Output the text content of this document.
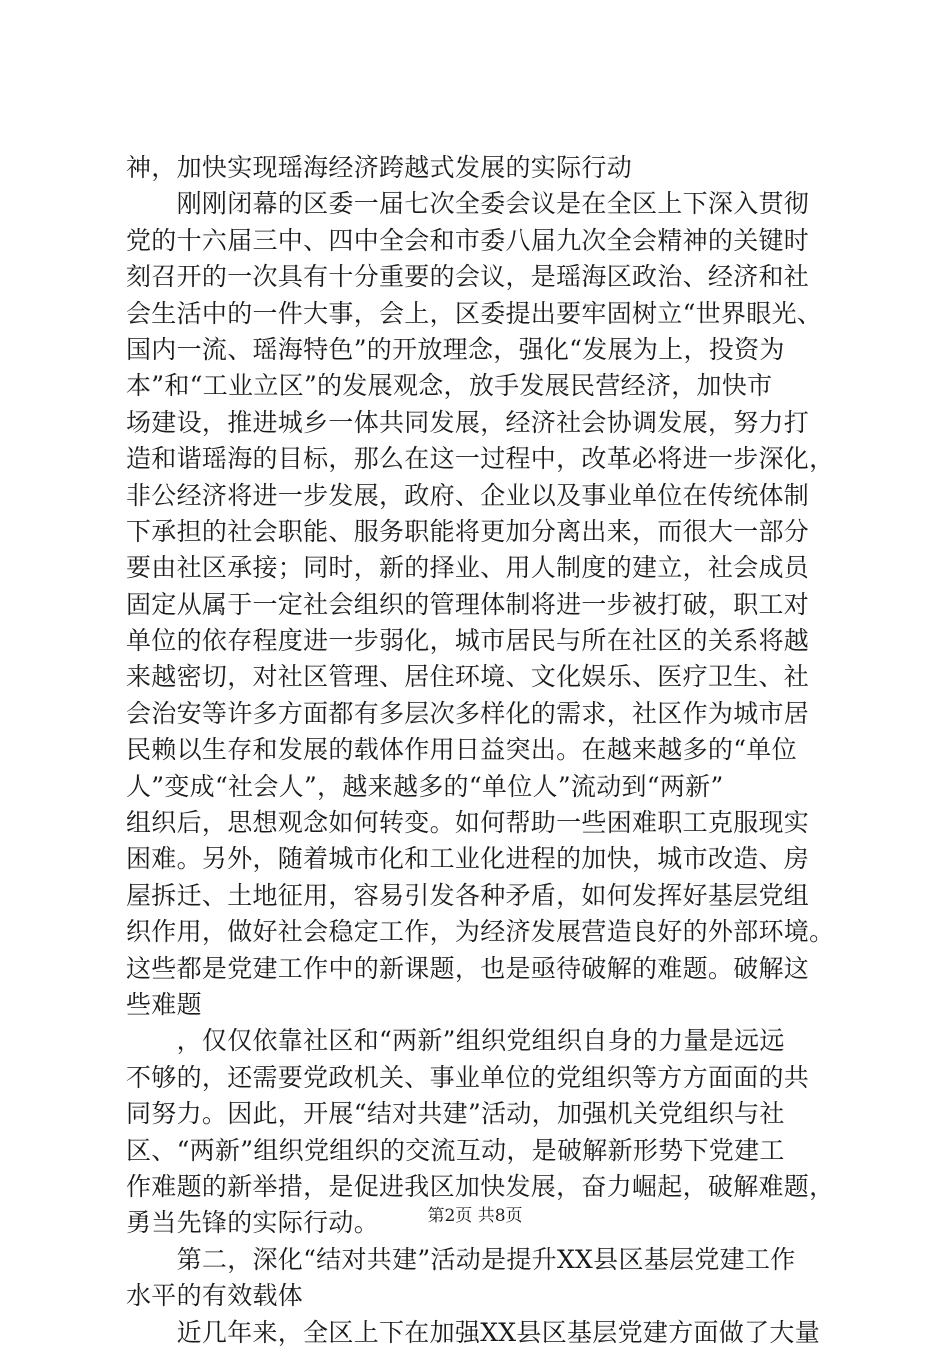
神，加快实现瑶海经济跨越式发展的实际行动
　　刚刚闭幕的区委一届七次全委会议是在全区上下深入贯彻
党的十六届三中、四中全会和市委八届九次全会精神的关键时
刻召开的一次具有十分重要的会议，是瑶海区政治、经济和社
会生活中的一件大事，会上，区委提出要牢固树立“世界眼光、
国内一流、瑶海特色”的开放理念，强化“发展为上，投资为
本”和“工业立区”的发展观念，放手发展民营经济，加快市
场建设，推进城乡一体共同发展，经济社会协调发展，努力打
造和谐瑶海的目标，那么在这一过程中，改革必将进一步深化，
非公经济将进一步发展，政府、企业以及事业单位在传统体制
下承担的社会职能、服务职能将更加分离出来，而很大一部分
要由社区承接；同时，新的择业、用人制度的建立，社会成员
固定从属于一定社会组织的管理体制将进一步被打破，职工对
单位的依存程度进一步弱化，城市居民与所在社区的关系将越
来越密切，对社区管理、居住环境、文化娱乐、医疗卫生、社
会治安等许多方面都有多层次多样化的需求，社区作为城市居
民赖以生存和发展的载体作用日益突出。在越来越多的“单位
人”变成“社会人”，越来越多的“单位人”流动到“两新”
组织后，思想观念如何转变。如何帮助一些困难职工克服现实
困难。另外，随着城市化和工业化进程的加快，城市改造、房
屋拆迁、土地征用，容易引发各种矛盾，如何发挥好基层党组
织作用，做好社会稳定工作，为经济发展营造良好的外部环境。
这些都是党建工作中的新课题，也是亟待破解的难题。破解这
些难题
　　，仅仅依靠社区和“两新”组织党组织自身的力量是远远
不够的，还需要党政机关、事业单位的党组织等方方面面的共
同努力。因此，开展“结对共建”活动，加强机关党组织与社
区、“两新”组织党组织的交流互动，是破解新形势下党建工
作难题的新举措，是促进我区加快发展，奋力崛起，破解难题，
勇当先锋的实际行动。
　　第二，深化“结对共建”活动是提升XX县区基层党建工作
水平的有效载体
　　近几年来，全区上下在加强XX县区基层党建方面做了大量
第2页 共8页
